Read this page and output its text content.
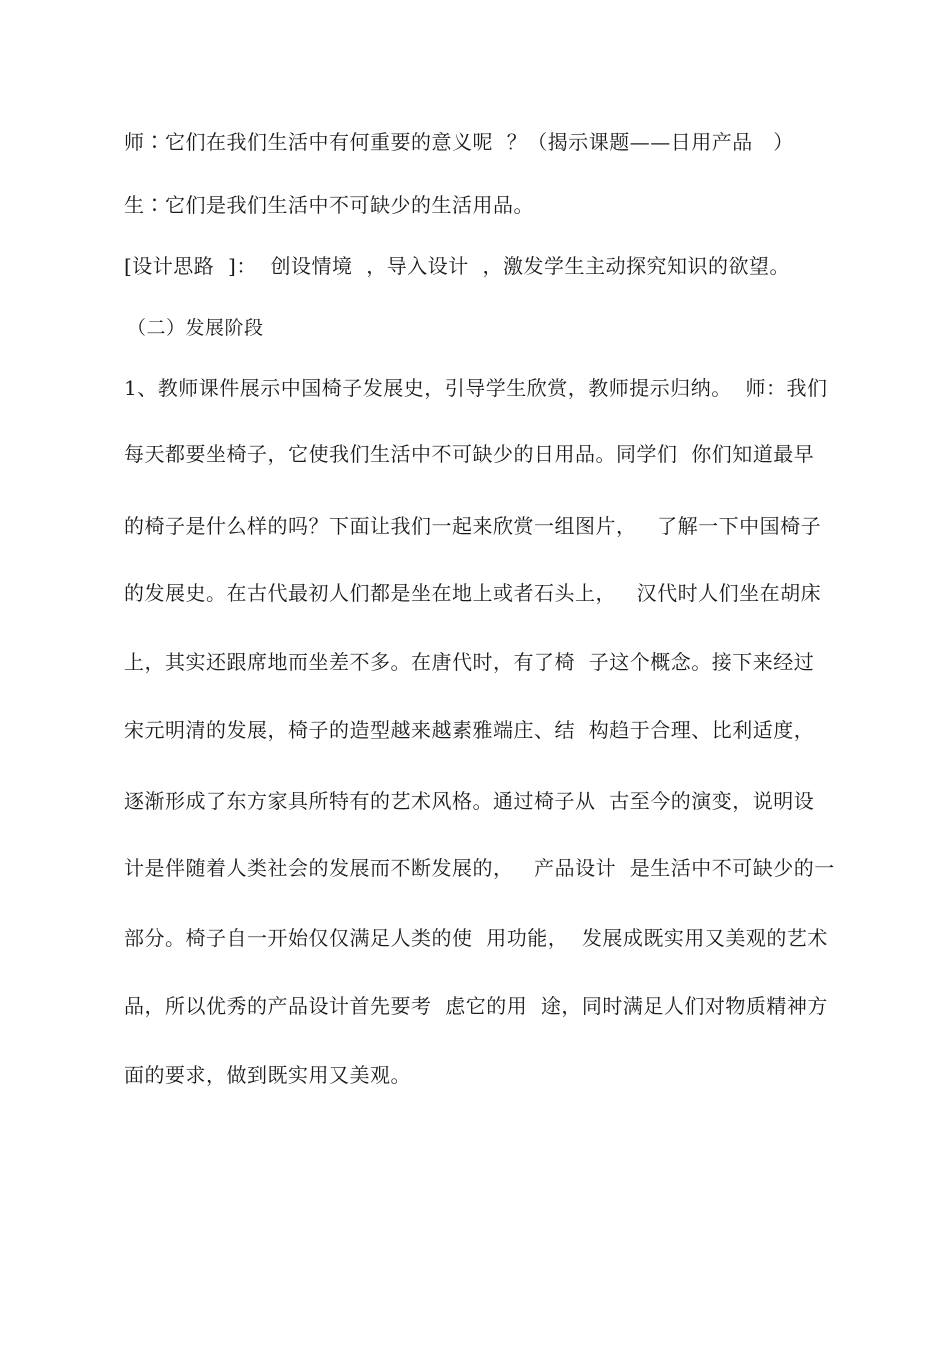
师∶它们在我们生活中有何重要的意义呢  ？（揭示课题——日用产品   ）
生∶它们是我们生活中不可缺少的生活用品。
[设计思路  ]：  创设情境  ，导入设计  ，激发学生主动探究知识的欲望。
（二）发展阶段
1、教师课件展示中国椅子发展史，引导学生欣赏，教师提示归纳。  师：我们
每天都要坐椅子，它使我们生活中不可缺少的日用品。同学们  你们知道最早
的椅子是什么样的吗？下面让我们一起来欣赏一组图片，   了解一下中国椅子
的发展史。在古代最初人们都是坐在地上或者石头上，   汉代时人们坐在胡床
上，其实还跟席地而坐差不多。在唐代时，有了椅  子这个概念。接下来经过
宋元明清的发展，椅子的造型越来越素雅端庄、结  构趋于合理、比利适度，
逐渐形成了东方家具所特有的艺术风格。通过椅子从  古至今的演变，说明设
计是伴随着人类社会的发展而不断发展的，   产品设计  是生活中不可缺少的一
部分。椅子自一开始仅仅满足人类的使  用功能，  发展成既实用又美观的艺术
品，所以优秀的产品设计首先要考  虑它的用  途，同时满足人们对物质精神方
面的要求，做到既实用又美观。
